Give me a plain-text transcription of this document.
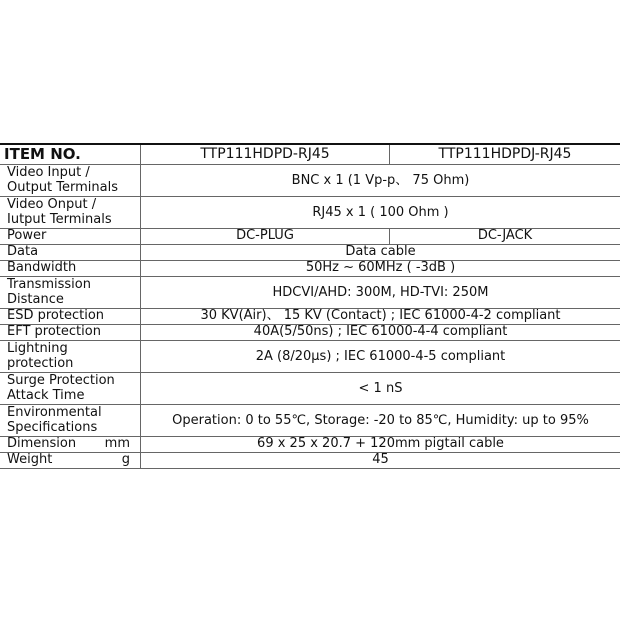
ITEM NO.	TTP111HDPD-RJ45	TTP111HDPDJ-RJ45
Video Input / Output Terminals	BNC x 1 (1 Vp-p、 75 Ohm)	
Video Onput / Iutput Terminals	RJ45 x 1 ( 100 Ohm )	
Power	DC-PLUG	DC-JACK
Data	Data cable	
Bandwidth	50Hz ~ 60MHz ( -3dB )	
Transmission Distance	HDCVI/AHD: 300M, HD-TVI: 250M	
ESD protection	30 KV(Air)、 15 KV (Contact) ; IEC 61000-4-2 compliant	
EFT protection	40A(5/50ns) ; IEC 61000-4-4 compliant	
Lightning protection	2A (8/20μs) ; IEC 61000-4-5 compliant	
Surge Protection Attack Time	< 1 nS	
Environmental Specifications	Operation: 0 to 55℃, Storage: -20 to 85℃, Humidity: up to 95%	
Dimension mm	69 x 25 x 20.7 + 120mm pigtail cable	
Weight g	45	
